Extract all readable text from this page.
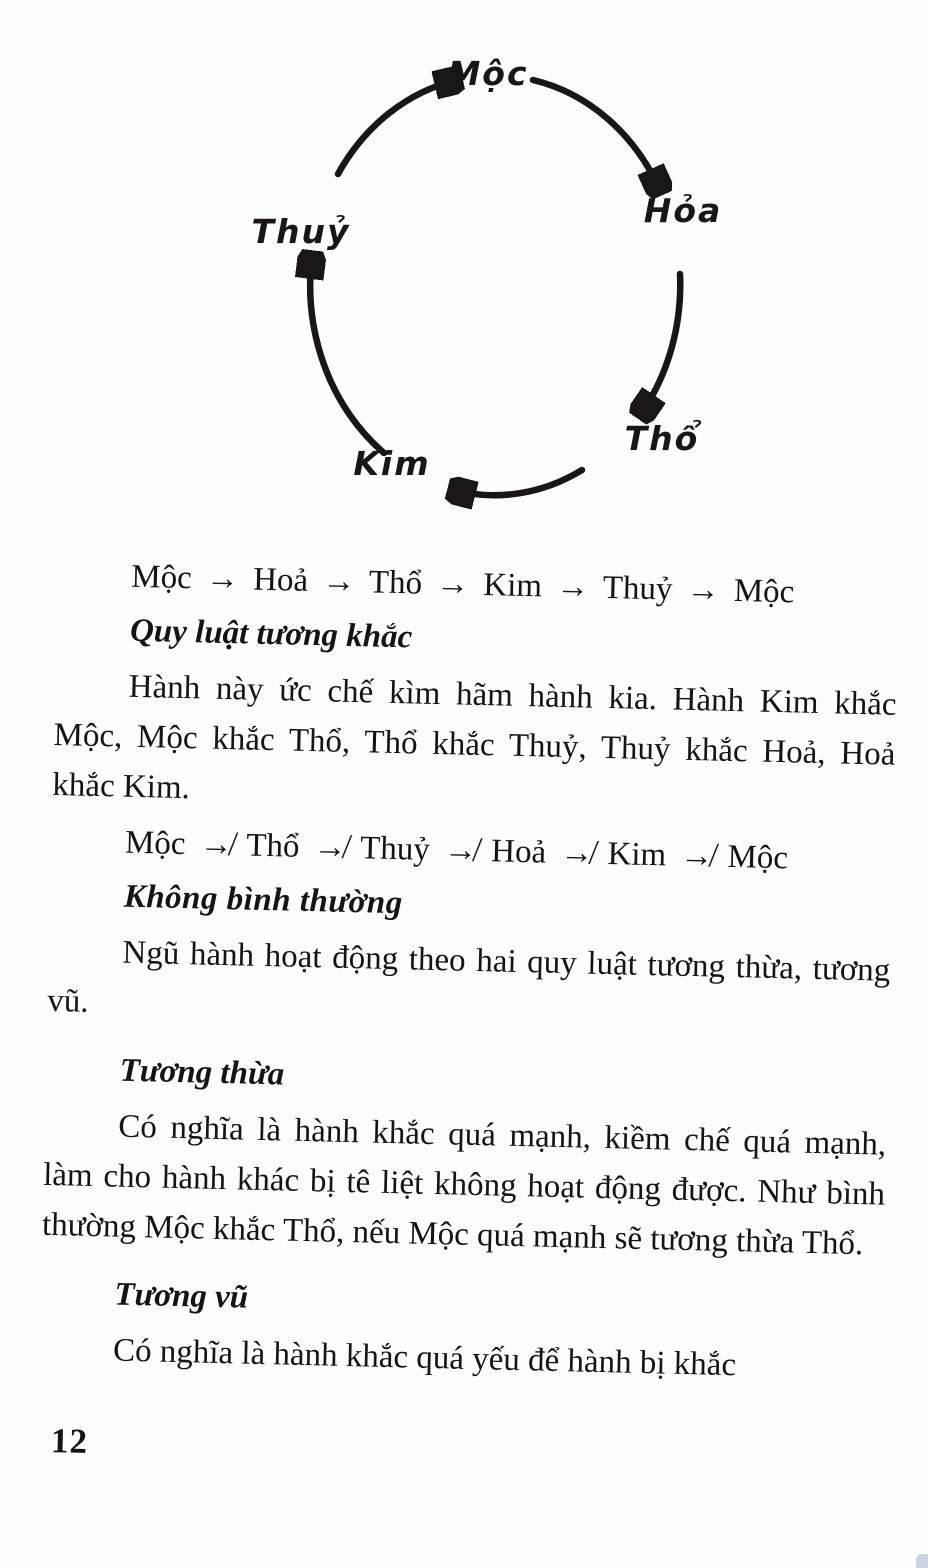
Mộc
Hỏa
Thổ
Kim
Thuỷ

Mộc → Hoả → Thổ → Kim → Thuỷ → Mộc

Quy luật tương khắc

Hành này ức chế kìm hãm hành kia. Hành Kim khắc Mộc, Mộc khắc Thổ, Thổ khắc Thuỷ, Thuỷ khắc Hoả, Hoả khắc Kim.

Mộc ↛ Thổ ↛ Thuỷ ↛ Hoả ↛ Kim ↛ Mộc

Không bình thường

Ngũ hành hoạt động theo hai quy luật tương thừa, tương vũ.

Tương thừa

Có nghĩa là hành khắc quá mạnh, kiềm chế quá mạnh, làm cho hành khác bị tê liệt không hoạt động được. Như bình thường Mộc khắc Thổ, nếu Mộc quá mạnh sẽ tương thừa Thổ.

Tương vũ

Có nghĩa là hành khắc quá yếu để hành bị khắc

12
